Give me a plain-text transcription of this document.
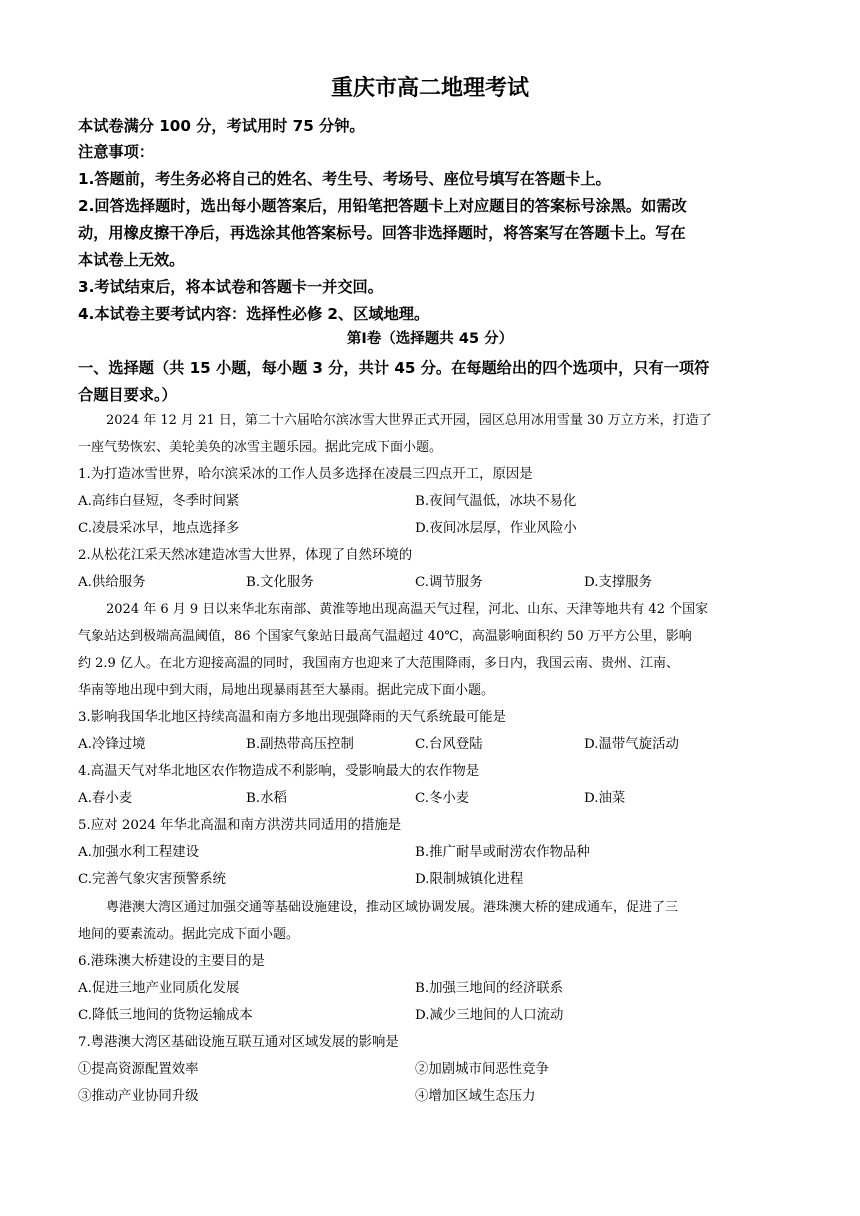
重庆市高二地理考试
本试卷满分 100 分，考试用时 75 分钟。
注意事项：
1.答题前，考生务必将自己的姓名、考生号、考场号、座位号填写在答题卡上。
2.回答选择题时，选出每小题答案后，用铅笔把答题卡上对应题目的答案标号涂黑。如需改
动，用橡皮擦干净后，再选涂其他答案标号。回答非选择题时，将答案写在答题卡上。写在
本试卷上无效。
3.考试结束后，将本试卷和答题卡一并交回。
4.本试卷主要考试内容：选择性必修 2、区域地理。
第Ⅰ卷（选择题共 45 分）
一、选择题（共 15 小题，每小题 3 分，共计 45 分。在每题给出的四个选项中，只有一项符
合题目要求。）
2024 年 12 月 21 日，第二十六届哈尔滨冰雪大世界正式开园，园区总用冰用雪量 30 万立方米，打造了
一座气势恢宏、美轮美奂的冰雪主题乐园。据此完成下面小题。
1.为打造冰雪世界，哈尔滨采冰的工作人员多选择在凌晨三四点开工，原因是
A.高纬白昼短，冬季时间紧	B.夜间气温低，冰块不易化
C.凌晨采冰早，地点选择多	D.夜间冰层厚，作业风险小
2.从松花江采天然冰建造冰雪大世界，体现了自然环境的
A.供给服务	B.文化服务	C.调节服务	D.支撑服务
2024 年 6 月 9 日以来华北东南部、黄淮等地出现高温天气过程，河北、山东、天津等地共有 42 个国家
气象站达到极端高温阈值，86 个国家气象站日最高气温超过 40℃，高温影响面积约 50 万平方公里，影响
约 2.9 亿人。在北方迎接高温的同时，我国南方也迎来了大范围降雨，多日内，我国云南、贵州、江南、
华南等地出现中到大雨，局地出现暴雨甚至大暴雨。据此完成下面小题。
3.影响我国华北地区持续高温和南方多地出现强降雨的天气系统最可能是
A.冷锋过境	B.副热带高压控制	C.台风登陆	D.温带气旋活动
4.高温天气对华北地区农作物造成不利影响，受影响最大的农作物是
A.春小麦	B.水稻	C.冬小麦	D.油菜
5.应对 2024 年华北高温和南方洪涝共同适用的措施是
A.加强水利工程建设	B.推广耐旱或耐涝农作物品种
C.完善气象灾害预警系统	D.限制城镇化进程
粤港澳大湾区通过加强交通等基础设施建设，推动区域协调发展。港珠澳大桥的建成通车，促进了三
地间的要素流动。据此完成下面小题。
6.港珠澳大桥建设的主要目的是
A.促进三地产业同质化发展	B.加强三地间的经济联系
C.降低三地间的货物运输成本	D.减少三地间的人口流动
7.粤港澳大湾区基础设施互联互通对区域发展的影响是
①提高资源配置效率	②加剧城市间恶性竞争
③推动产业协同升级	④增加区域生态压力
